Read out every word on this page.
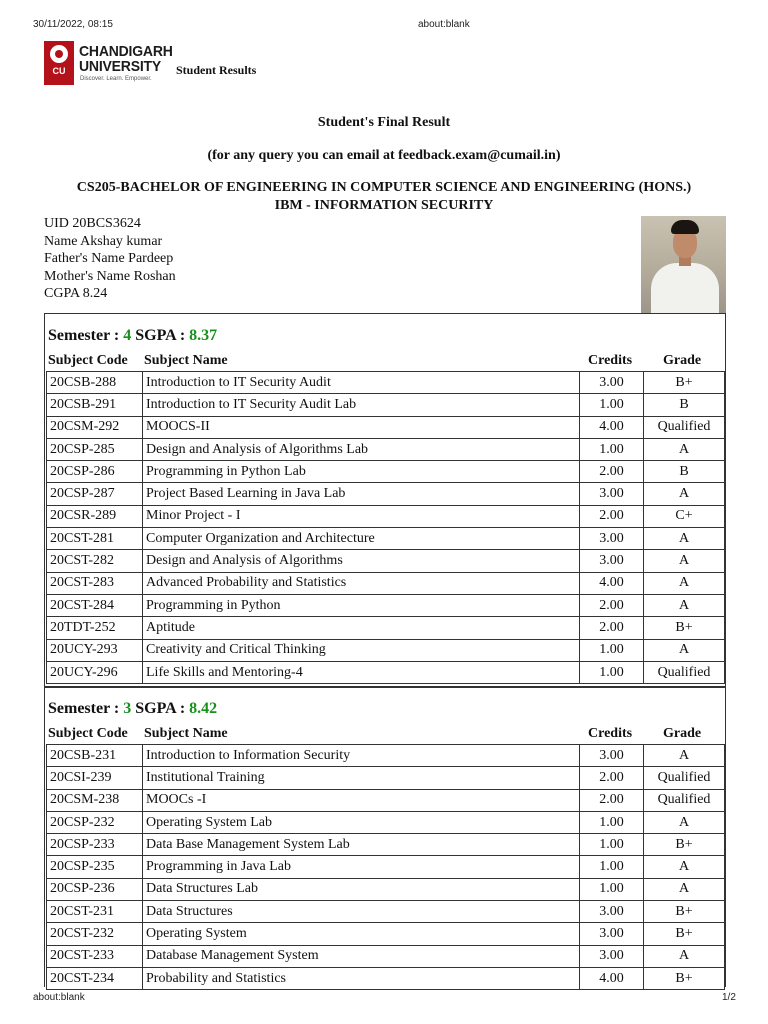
30/11/2022, 08:15	about:blank
CU
CHANDIGARH
UNIVERSITY
Discover. Learn. Empower.
Student Results
Student's Final Result
(for any query you can email at feedback.exam@cumail.in)
CS205-BACHELOR OF ENGINEERING IN COMPUTER SCIENCE AND ENGINEERING (HONS.)
IBM - INFORMATION SECURITY
UID 20BCS3624
Name Akshay kumar
Father's Name Pardeep
Mother's Name Roshan
CGPA 8.24
Semester : 4 SGPA : 8.37
Subject Code Subject Name	Credits Grade
20CSB-288	Introduction to IT Security Audit	3.00	B+
20CSB-291	Introduction to IT Security Audit Lab	1.00	B
20CSM-292	MOOCS-II	4.00	Qualified
20CSP-285	Design and Analysis of Algorithms Lab	1.00	A
20CSP-286	Programming in Python Lab	2.00	B
20CSP-287	Project Based Learning in Java Lab	3.00	A
20CSR-289	Minor Project - I	2.00	C+
20CST-281	Computer Organization and Architecture	3.00	A
20CST-282	Design and Analysis of Algorithms	3.00	A
20CST-283	Advanced Probability and Statistics	4.00	A
20CST-284	Programming in Python	2.00	A
20TDT-252	Aptitude	2.00	B+
20UCY-293	Creativity and Critical Thinking	1.00	A
20UCY-296	Life Skills and Mentoring-4	1.00	Qualified
Semester : 3 SGPA : 8.42
Subject Code Subject Name	Credits Grade
20CSB-231	Introduction to Information Security	3.00	A
20CSI-239	Institutional Training	2.00	Qualified
20CSM-238	MOOCs -I	2.00	Qualified
20CSP-232	Operating System Lab	1.00	A
20CSP-233	Data Base Management System Lab	1.00	B+
20CSP-235	Programming in Java Lab	1.00	A
20CSP-236	Data Structures Lab	1.00	A
20CST-231	Data Structures	3.00	B+
20CST-232	Operating System	3.00	B+
20CST-233	Database Management System	3.00	A
20CST-234	Probability and Statistics	4.00	B+
about:blank	1/2
